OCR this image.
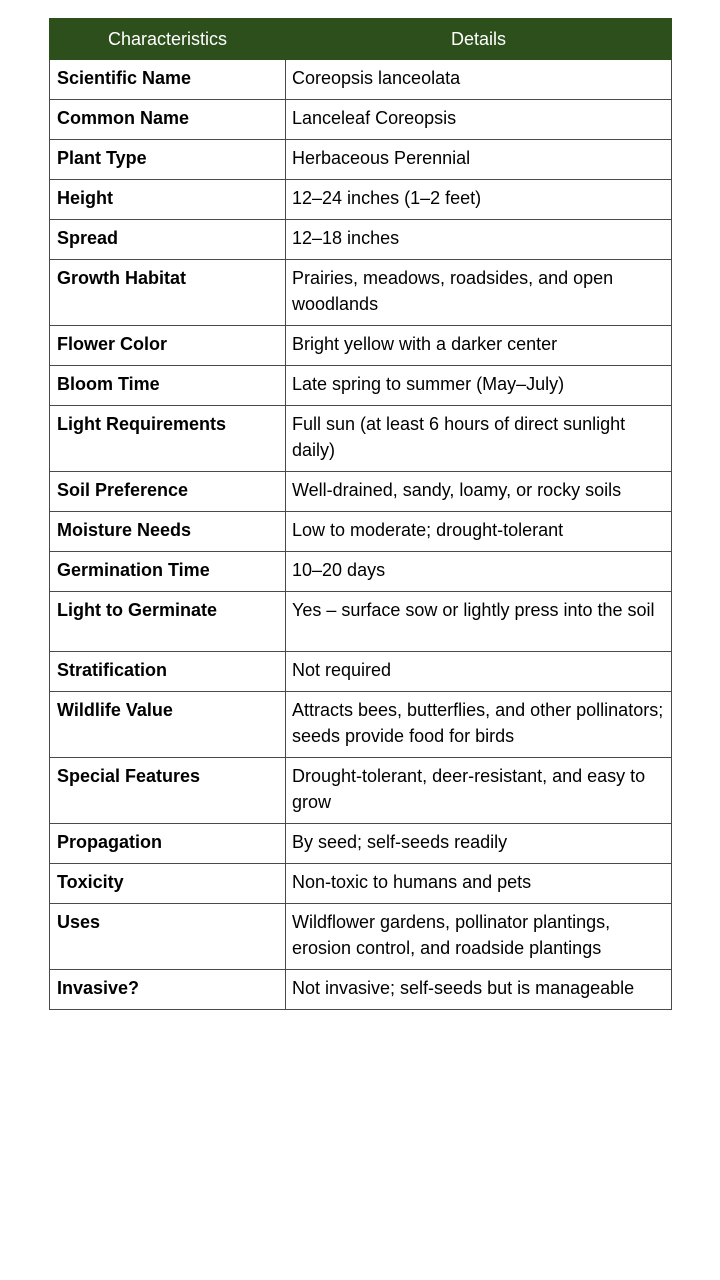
Characteristics	Details
Scientific Name	Coreopsis lanceolata
Common Name	Lanceleaf Coreopsis
Plant Type	Herbaceous Perennial
Height	12–24 inches (1–2 feet)
Spread	12–18 inches
Growth Habitat	Prairies, meadows, roadsides, and open woodlands
Flower Color	Bright yellow with a darker center
Bloom Time	Late spring to summer (May–July)
Light Requirements	Full sun (at least 6 hours of direct sunlight daily)
Soil Preference	Well-drained, sandy, loamy, or rocky soils
Moisture Needs	Low to moderate; drought-tolerant
Germination Time	10–20 days
Light to Germinate	Yes – surface sow or lightly press into the soil
Stratification	Not required
Wildlife Value	Attracts bees, butterflies, and other pollinators; seeds provide food for birds
Special Features	Drought-tolerant, deer-resistant, and easy to grow
Propagation	By seed; self-seeds readily
Toxicity	Non-toxic to humans and pets
Uses	Wildflower gardens, pollinator plantings, erosion control, and roadside plantings
Invasive?	Not invasive; self-seeds but is manageable
